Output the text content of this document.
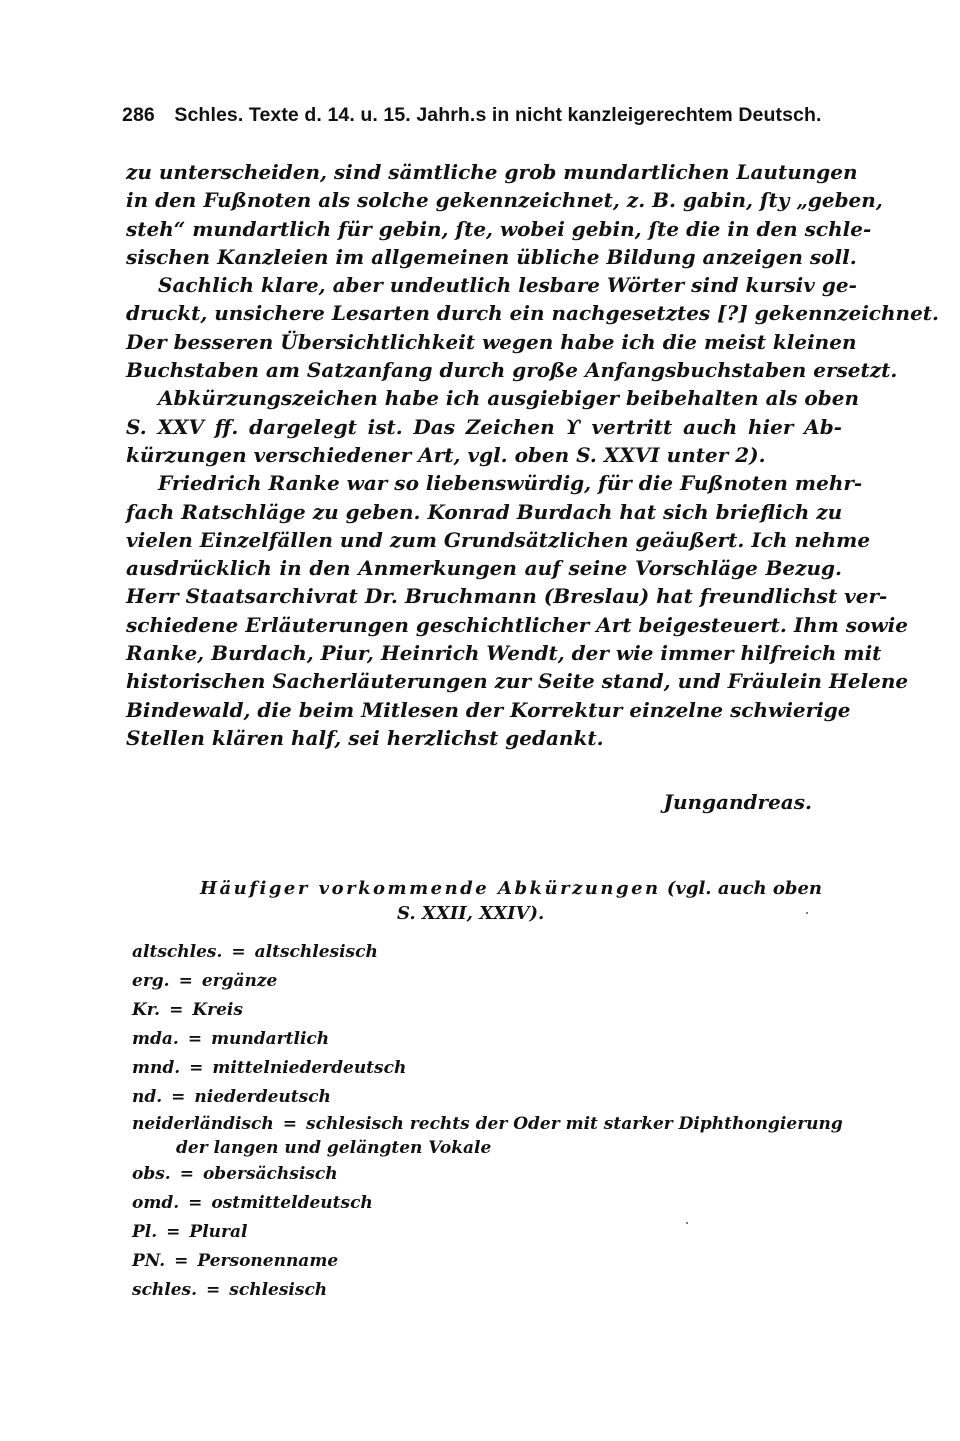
286 Schles. Texte d. 14. u. 15. Jahrh.s in nicht kanzleigerechtem Deutsch.
zu unterscheiden, sind sämtliche grob mundartlichen Lautungen
in den Fußnoten als solche gekennzeichnet, z. B. gabin, ſty „geben,
steh“ mundartlich für gebin, ſte, wobei gebin, ſte die in den schle-
sischen Kanzleien im allgemeinen übliche Bildung anzeigen soll.
Sachlich klare, aber undeutlich lesbare Wörter sind kursiv ge-
druckt, unsichere Lesarten durch ein nachgesetztes [?] gekennzeichnet.
Der besseren Übersichtlichkeit wegen habe ich die meist kleinen
Buchstaben am Satzanfang durch große Anfangsbuchstaben ersetzt.
Abkürzungszeichen habe ich ausgiebiger beibehalten als oben
S. XXV ff. dargelegt ist. Das Zeichen ϒ vertritt auch hier Ab-
kürzungen verschiedener Art, vgl. oben S. XXVI unter 2).
Friedrich Ranke war so liebenswürdig, für die Fußnoten mehr-
fach Ratschläge zu geben. Konrad Burdach hat sich brieflich zu
vielen Einzelfällen und zum Grundsätzlichen geäußert. Ich nehme
ausdrücklich in den Anmerkungen auf seine Vorschläge Bezug.
Herr Staatsarchivrat Dr. Bruchmann (Breslau) hat freundlichst ver-
schiedene Erläuterungen geschichtlicher Art beigesteuert. Ihm sowie
Ranke, Burdach, Piur, Heinrich Wendt, der wie immer hilfreich mit
historischen Sacherläuterungen zur Seite stand, und Fräulein Helene
Bindewald, die beim Mitlesen der Korrektur einzelne schwierige
Stellen klären half, sei herzlichst gedankt.
Jungandreas.
Häufiger vorkommende Abkürzungen (vgl. auch oben
S. XXII, XXIV).
altschles. = altschlesisch
erg. = ergänze
Kr. = Kreis
mda. = mundartlich
mnd. = mittelniederdeutsch
nd. = niederdeutsch
neiderländisch = schlesisch rechts der Oder mit starker Diphthongierung
der langen und gelängten Vokale
obs. = obersächsisch
omd. = ostmitteldeutsch
Pl. = Plural
PN. = Personenname
schles. = schlesisch
